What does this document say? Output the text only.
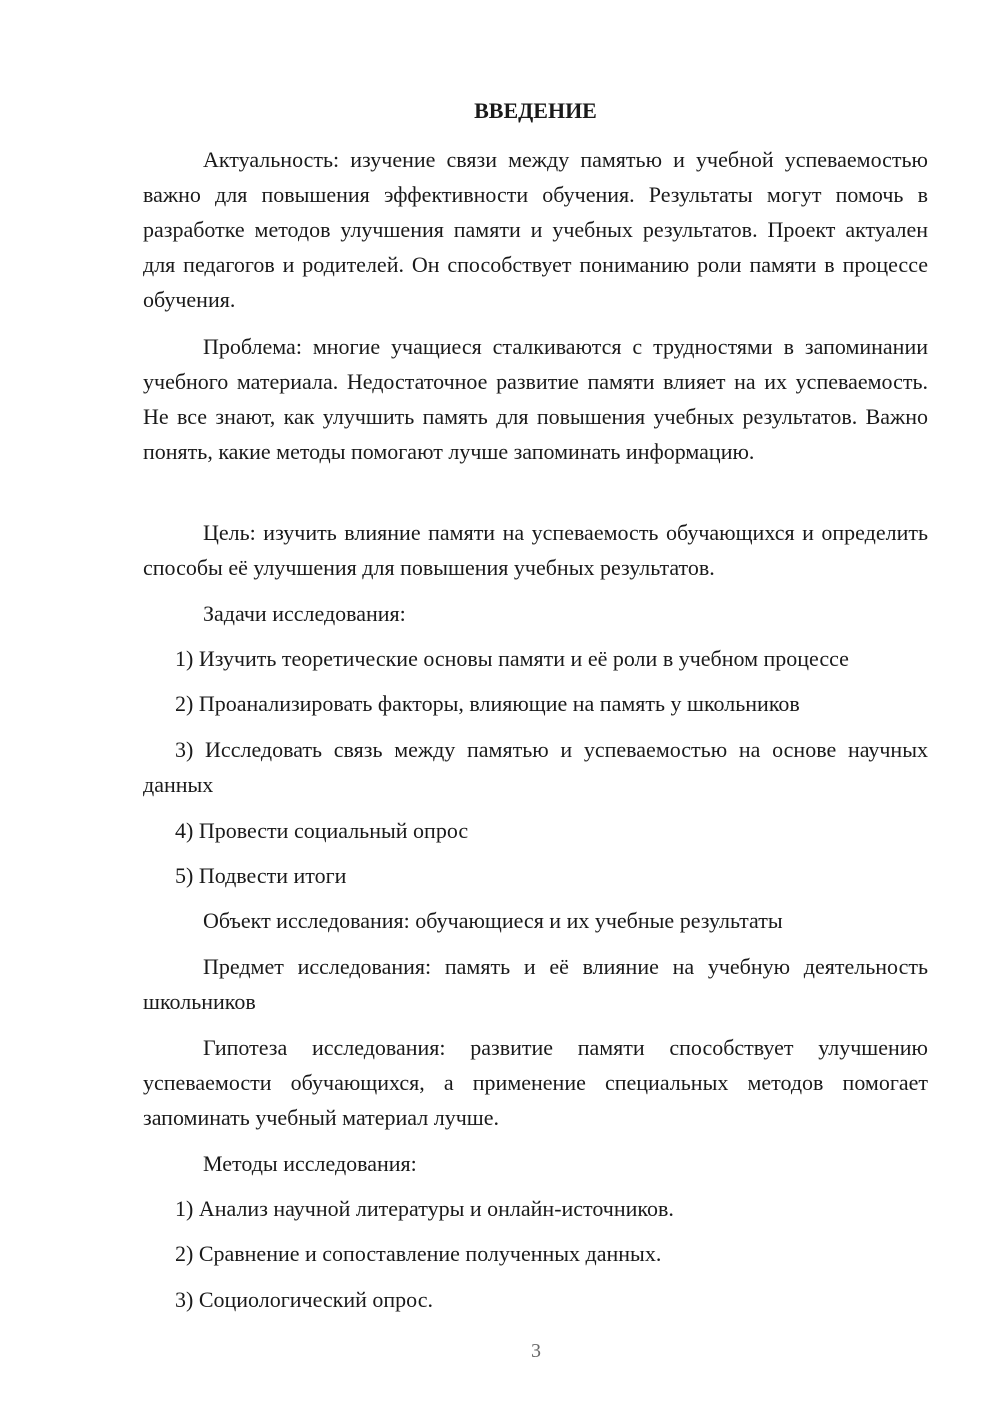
ВВЕДЕНИЕ

Актуальность: изучение связи между памятью и учебной успеваемостью важно для повышения эффективности обучения. Результаты могут помочь в разработке методов улучшения памяти и учебных результатов. Проект актуален для педагогов и родителей. Он способствует пониманию роли памяти в процессе обучения.

Проблема: многие учащиеся сталкиваются с трудностями в запоминании учебного материала. Недостаточное развитие памяти влияет на их успеваемость. Не все знают, как улучшить память для повышения учебных результатов. Важно понять, какие методы помогают лучше запоминать информацию.

Цель: изучить влияние памяти на успеваемость обучающихся и определить способы её улучшения для повышения учебных результатов.

Задачи исследования:

1) Изучить теоретические основы памяти и её роли в учебном процессе

2) Проанализировать факторы, влияющие на память у школьников

3) Исследовать связь между памятью и успеваемостью на основе научных данных

4) Провести социальный опрос

5) Подвести итоги

Объект исследования: обучающиеся и их учебные результаты

Предмет исследования: память и её влияние на учебную деятельность школьников

Гипотеза исследования: развитие памяти способствует улучшению успеваемости обучающихся, а применение специальных методов помогает запоминать учебный материал лучше.

Методы исследования:

1) Анализ научной литературы и онлайн-источников.

2) Сравнение и сопоставление полученных данных.

3) Социологический опрос.

3
